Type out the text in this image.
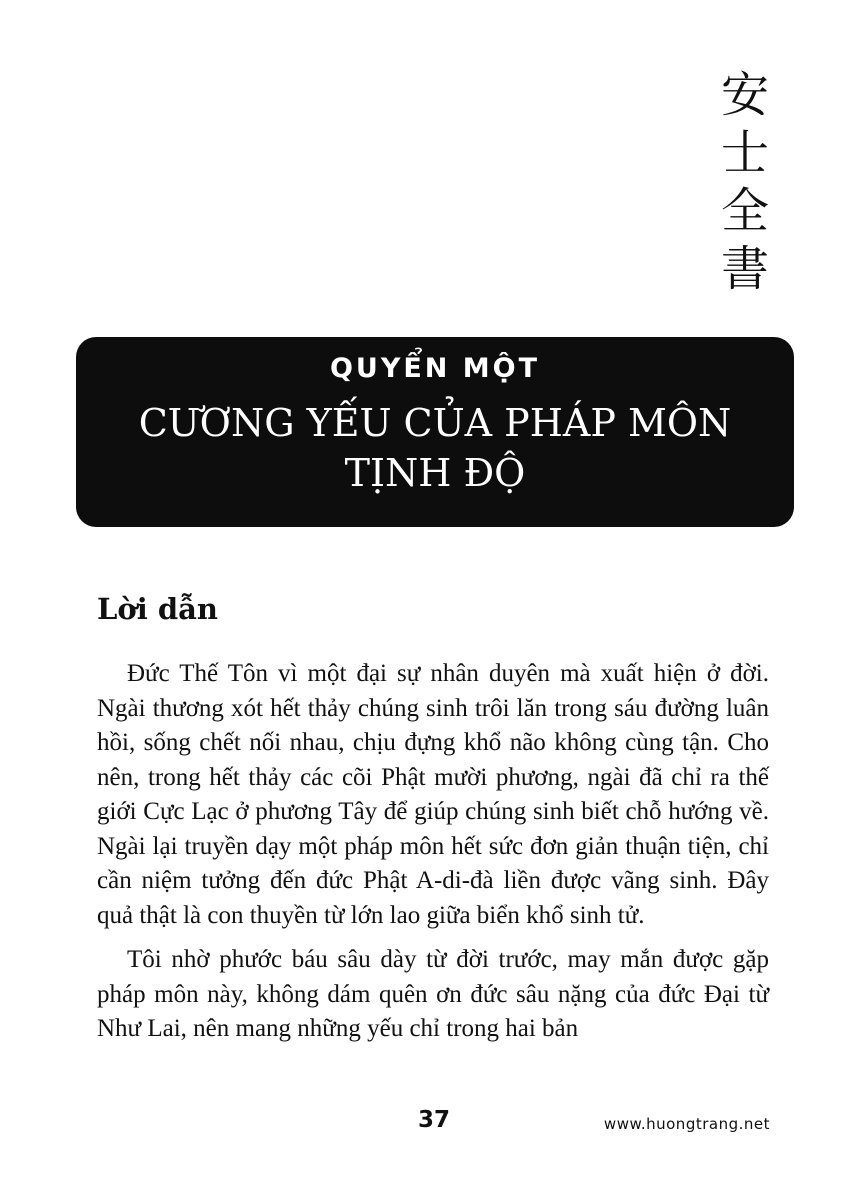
安
士
全
書
QUYỂN MỘT
CƯƠNG YẾU CỦA PHÁP MÔN
TỊNH ĐỘ
Lời dẫn

Đức Thế Tôn vì một đại sự nhân duyên mà xuất hiện ở đời. Ngài thương xót hết thảy chúng sinh trôi lăn trong sáu đường luân hồi, sống chết nối nhau, chịu đựng khổ não không cùng tận. Cho nên, trong hết thảy các cõi Phật mười phương, ngài đã chỉ ra thế giới Cực Lạc ở phương Tây để giúp chúng sinh biết chỗ hướng về. Ngài lại truyền dạy một pháp môn hết sức đơn giản thuận tiện, chỉ cần niệm tưởng đến đức Phật A-di-đà liền được vãng sinh. Đây quả thật là con thuyền từ lớn lao giữa biển khổ sinh tử.

Tôi nhờ phước báu sâu dày từ đời trước, may mắn được gặp pháp môn này, không dám quên ơn đức sâu nặng của đức Đại từ Như Lai, nên mang những yếu chỉ trong hai bản

37	www.huongtrang.net
